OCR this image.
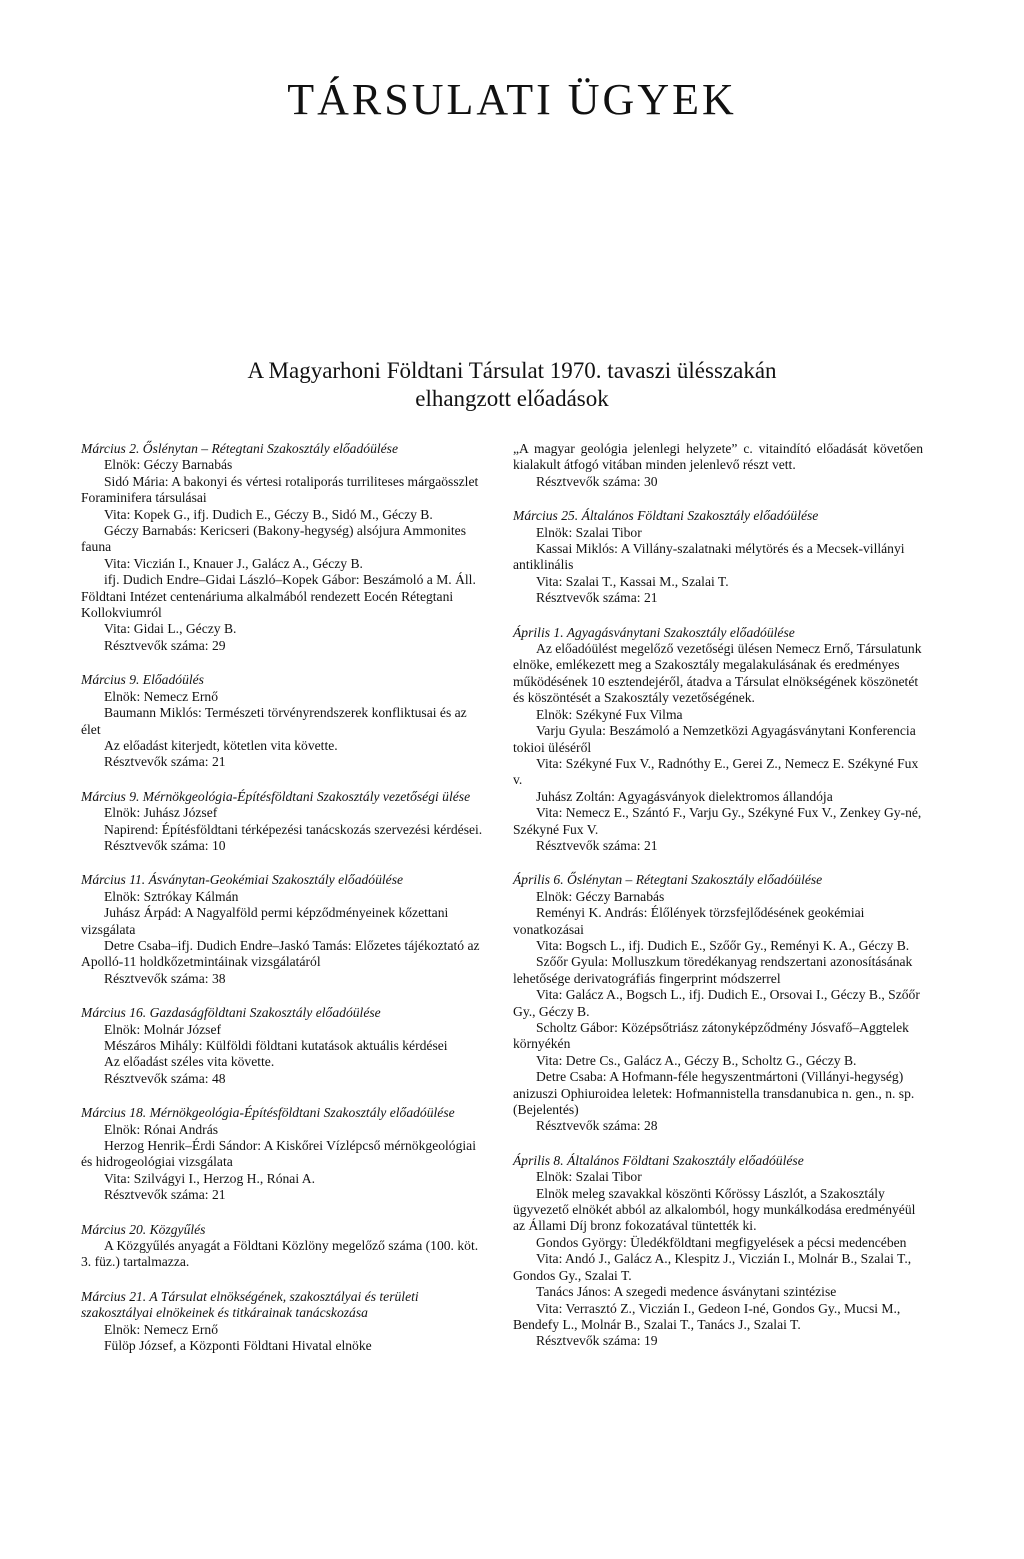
TÁRSULATI ÜGYEK
A Magyarhoni Földtani Társulat 1970. tavaszi ülésszakán
elhangzott előadások
Március 2. Őslénytan – Rétegtani Szakosztály előadóülése
Elnök: Géczy Barnabás
Sidó Mária: A bakonyi és vértesi rotaliporás turriliteses márgaösszlet Foraminifera társulásai
Vita: Kopek G., ifj. Dudich E., Géczy B., Sidó M., Géczy B.
Géczy Barnabás: Kericseri (Bakony-hegység) alsójura Ammonites fauna
Vita: Viczián I., Knauer J., Galácz A., Géczy B.
ifj. Dudich Endre–Gidai László–Kopek Gábor: Beszámoló a M. Áll. Földtani Intézet centenáriuma alkalmából rendezett Eocén Rétegtani Kollokviumról
Vita: Gidai L., Géczy B.
Résztvevők száma: 29
Március 9. Előadóülés
Elnök: Nemecz Ernő
Baumann Miklós: Természeti törvényrendszerek konfliktusai és az élet
Az előadást kiterjedt, kötetlen vita követte.
Résztvevők száma: 21
Március 9. Mérnökgeológia-Építésföldtani Szakosztály vezetőségi ülése
Elnök: Juhász József
Napirend: Építésföldtani térképezési tanácskozás szervezési kérdései.
Résztvevők száma: 10
Március 11. Ásványtan-Geokémiai Szakosztály előadóülése
Elnök: Sztrókay Kálmán
Juhász Árpád: A Nagyalföld permi képződményeinek kőzettani vizsgálata
Detre Csaba–ifj. Dudich Endre–Jaskó Tamás: Előzetes tájékoztató az Apolló-11 holdkőzetmintáinak vizsgálatáról
Résztvevők száma: 38
Március 16. Gazdaságföldtani Szakosztály előadóülése
Elnök: Molnár József
Mészáros Mihály: Külföldi földtani kutatások aktuális kérdései
Az előadást széles vita követte.
Résztvevők száma: 48
Március 18. Mérnökgeológia-Építésföldtani Szakosztály előadóülése
Elnök: Rónai András
Herzog Henrik–Érdi Sándor: A Kiskőrei Vízlépcső mérnökgeológiai és hidrogeológiai vizsgálata
Vita: Szilvágyi I., Herzog H., Rónai A.
Résztvevők száma: 21
Március 20. Közgyűlés
A Közgyűlés anyagát a Földtani Közlöny megelőző száma (100. köt. 3. füz.) tartalmazza.
Március 21. A Társulat elnökségének, szakosztályai és területi szakosztályai elnökeinek és titkárainak tanácskozása
Elnök: Nemecz Ernő
Fülöp József, a Központi Földtani Hivatal elnöke
„A magyar geológia jelenlegi helyzete” c. vitaindító előadását követően kialakult átfogó vitában minden jelenlevő részt vett.
Résztvevők száma: 30
Március 25. Általános Földtani Szakosztály előadóülése
Elnök: Szalai Tibor
Kassai Miklós: A Villány-szalatnaki mélytörés és a Mecsek-villányi antiklinális
Vita: Szalai T., Kassai M., Szalai T.
Résztvevők száma: 21
Április 1. Agyagásványtani Szakosztály előadóülése
Az előadóülést megelőző vezetőségi ülésen Nemecz Ernő, Társulatunk elnöke, emlékezett meg a Szakosztály megalakulásának és eredményes működésének 10 esztendejéről, átadva a Társulat elnökségének köszönetét és köszöntését a Szakosztály vezetőségének.
Elnök: Székyné Fux Vilma
Varju Gyula: Beszámoló a Nemzetközi Agyagásványtani Konferencia tokioi üléséről
Vita: Székyné Fux V., Radnóthy E., Gerei Z., Nemecz E. Székyné Fux v.
Juhász Zoltán: Agyagásványok dielektromos állandója
Vita: Nemecz E., Szántó F., Varju Gy., Székyné Fux V., Zenkey Gy-né, Székyné Fux V.
Résztvevők száma: 21
Április 6. Őslénytan – Rétegtani Szakosztály előadóülése
Elnök: Géczy Barnabás
Reményi K. András: Élőlények törzsfejlődésének geokémiai vonatkozásai
Vita: Bogsch L., ifj. Dudich E., Szőőr Gy., Reményi K. A., Géczy B.
Szőőr Gyula: Molluszkum töredékanyag rendszertani azonosításának lehetősége derivatográfiás fingerprint módszerrel
Vita: Galácz A., Bogsch L., ifj. Dudich E., Orsovai I., Géczy B., Szőőr Gy., Géczy B.
Scholtz Gábor: Középsőtriász zátonyképződmény Jósvafő–Aggtelek környékén
Vita: Detre Cs., Galácz A., Géczy B., Scholtz G., Géczy B.
Detre Csaba: A Hofmann-féle hegyszentmártoni (Villányi-hegység) anizuszi Ophiuroidea leletek: Hofmannistella transdanubica n. gen., n. sp. (Bejelentés)
Résztvevők száma: 28
Április 8. Általános Földtani Szakosztály előadóülése
Elnök: Szalai Tibor
Elnök meleg szavakkal köszönti Kőrössy Lászlót, a Szakosztály ügyvezető elnökét abból az alkalomból, hogy munkálkodása eredményéül az Állami Díj bronz fokozatával tüntették ki.
Gondos György: Üledékföldtani megfigyelések a pécsi medencében
Vita: Andó J., Galácz A., Klespitz J., Viczián I., Molnár B., Szalai T., Gondos Gy., Szalai T.
Tanács János: A szegedi medence ásványtani szintézise
Vita: Verrasztó Z., Viczián I., Gedeon I-né, Gondos Gy., Mucsi M., Bendefy L., Molnár B., Szalai T., Tanács J., Szalai T.
Résztvevők száma: 19
